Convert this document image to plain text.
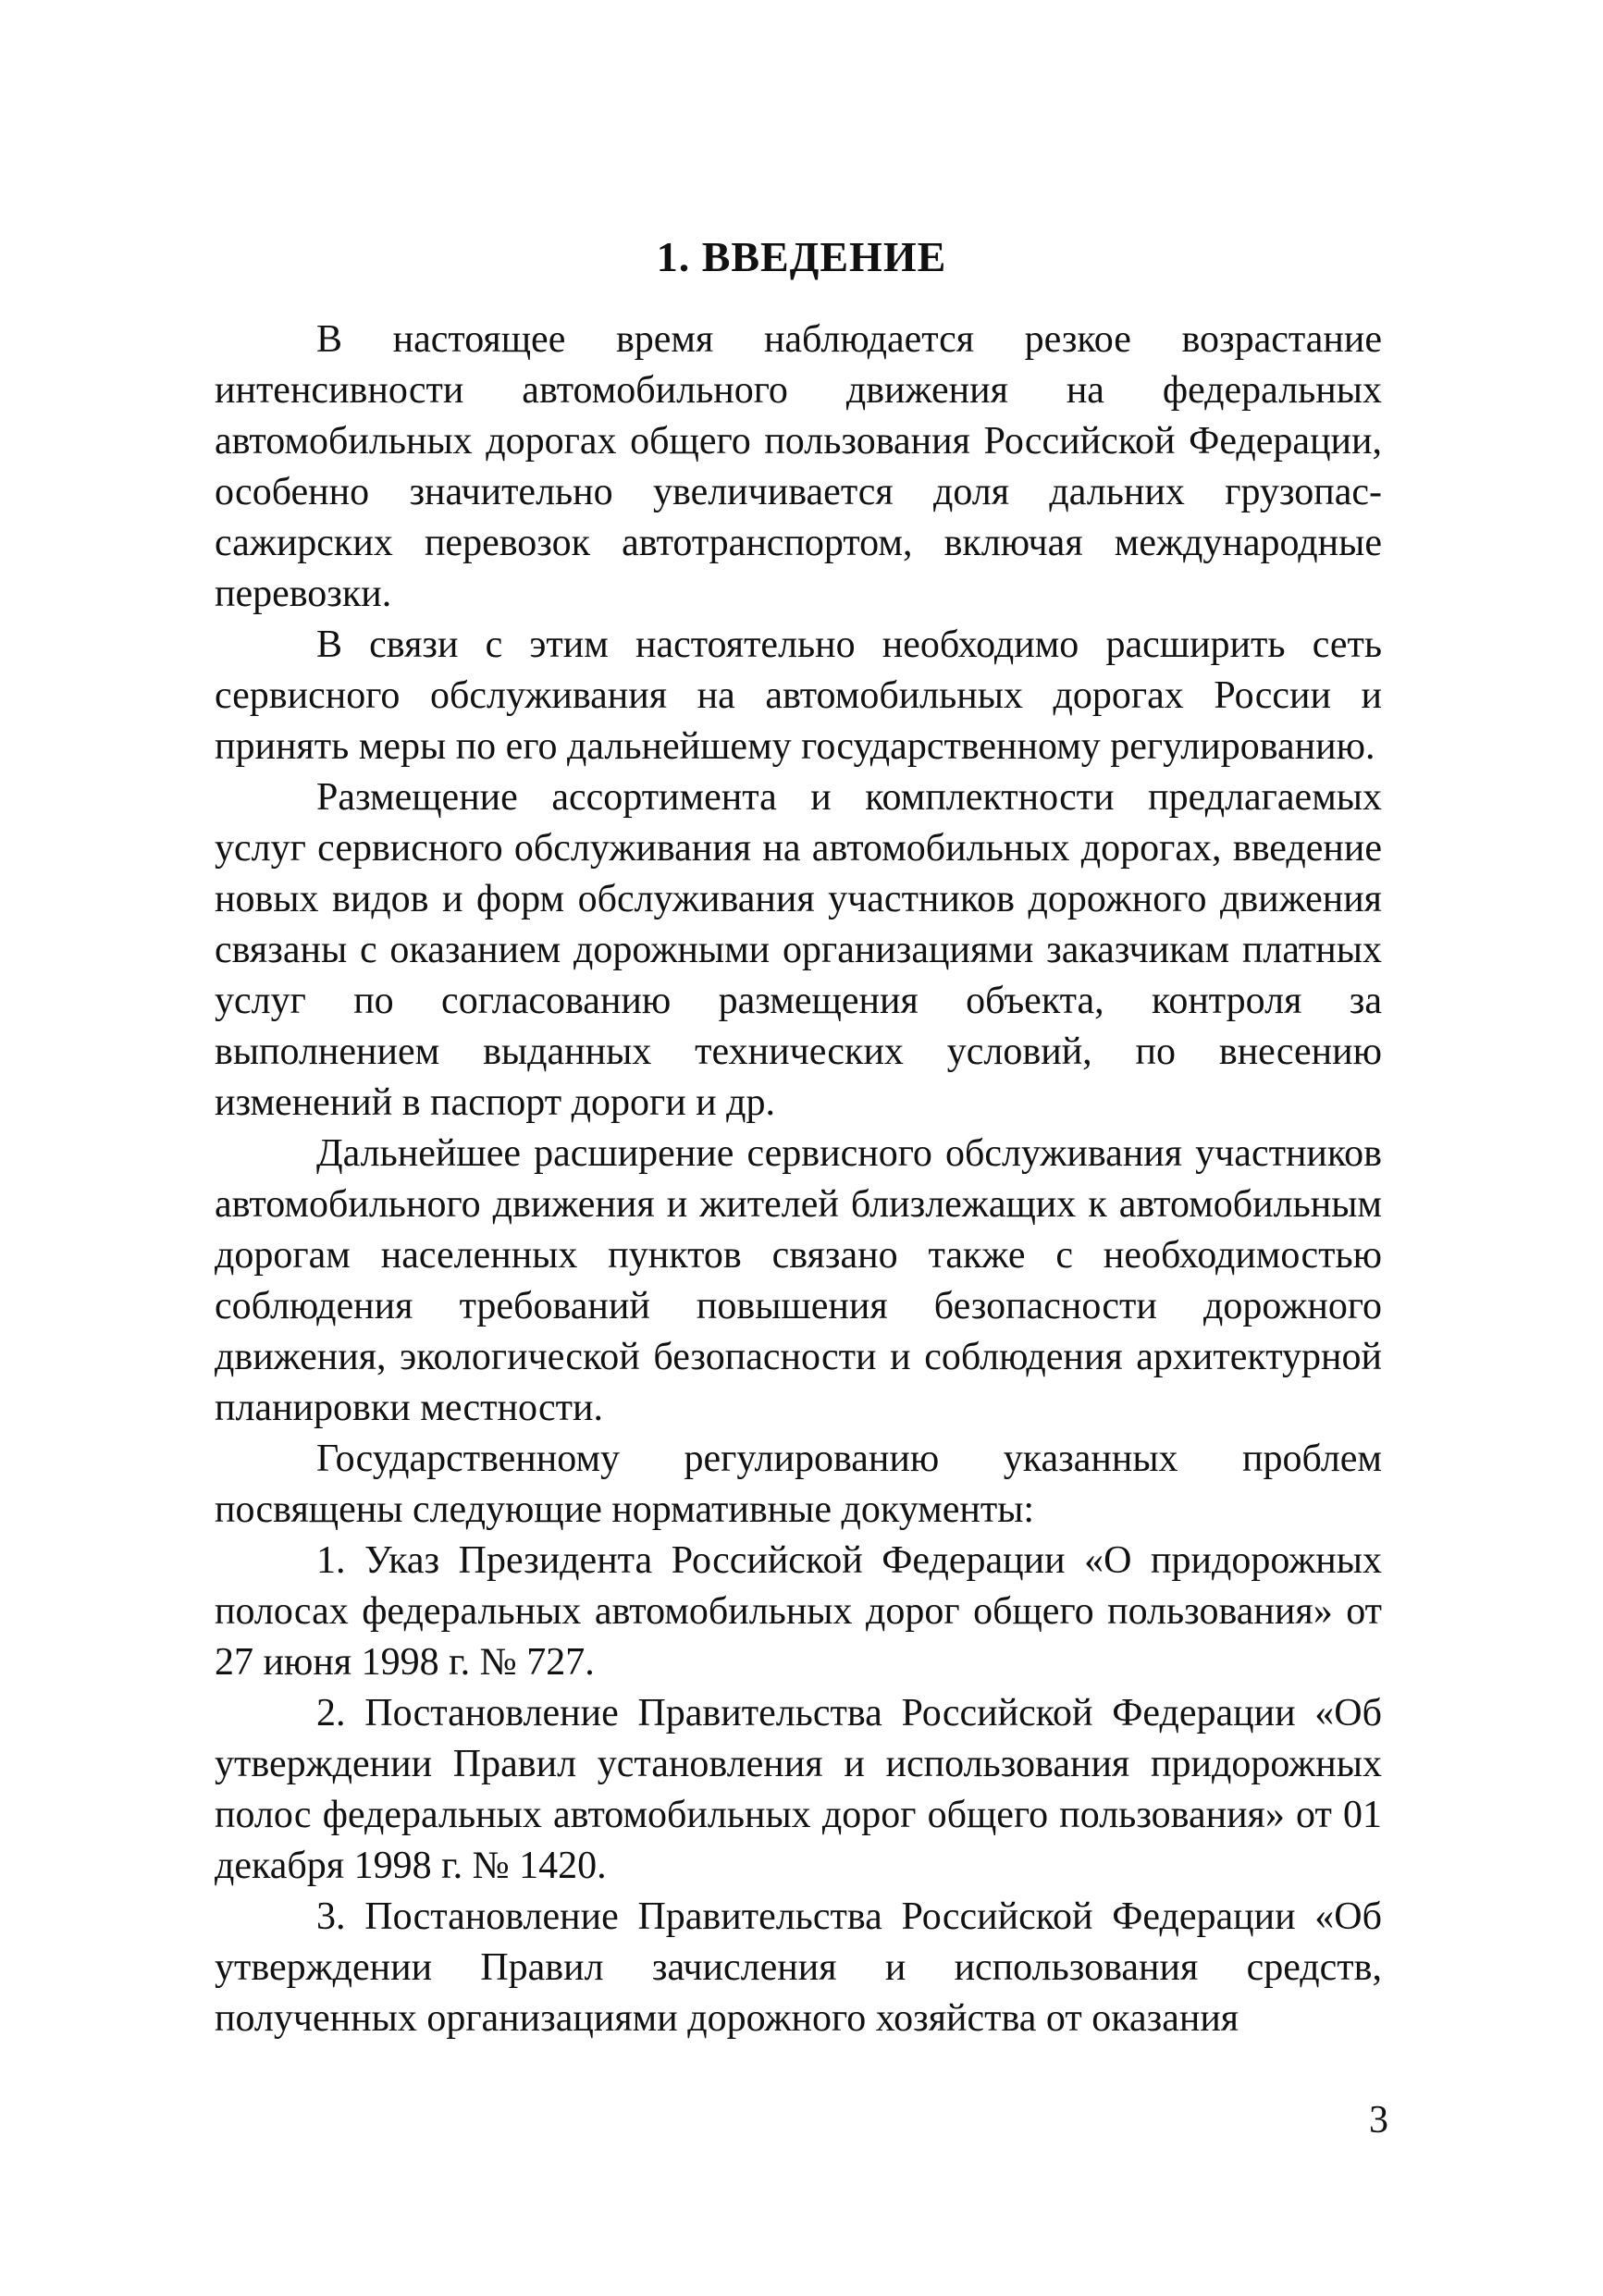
1. ВВЕДЕНИЕ

В настоящее время наблюдается резкое возрастание интенсивности автомобильного движения на федеральных автомобильных дорогах общего пользования Российской Федерации, особенно значительно увеличивается доля дальних грузопассажирских перевозок автотранспортом, включая международные перевозки.

В связи с этим настоятельно необходимо расширить сеть сервисного обслуживания на автомобильных дорогах России и принять меры по его дальнейшему государственному регулированию.

Размещение ассортимента и комплектности предлагаемых услуг сервисного обслуживания на автомобильных дорогах, введение новых видов и форм обслуживания участников дорожного движения связаны с оказанием дорожными организациями заказчикам платных услуг по согласованию размещения объекта, контроля за выполнением выданных технических условий, по внесению изменений в паспорт дороги и др.

Дальнейшее расширение сервисного обслуживания участников автомобильного движения и жителей близлежащих к автомобильным дорогам населенных пунктов связано также с необходимостью соблюдения требований повышения безопасности дорожного движения, экологической безопасности и соблюдения архитектурной планировки местности.

Государственному регулированию указанных проблем посвящены следующие нормативные документы:

1. Указ Президента Российской Федерации «О придорожных полосах федеральных автомобильных дорог общего пользования» от 27 июня 1998 г. № 727.

2. Постановление Правительства Российской Федерации «Об утверждении Правил установления и использования придорожных полос федеральных автомобильных дорог общего пользования» от 01 декабря 1998 г. № 1420.

3. Постановление Правительства Российской Федерации «Об утверждении Правил зачисления и использования средств, полученных организациями дорожного хозяйства от оказания

3
